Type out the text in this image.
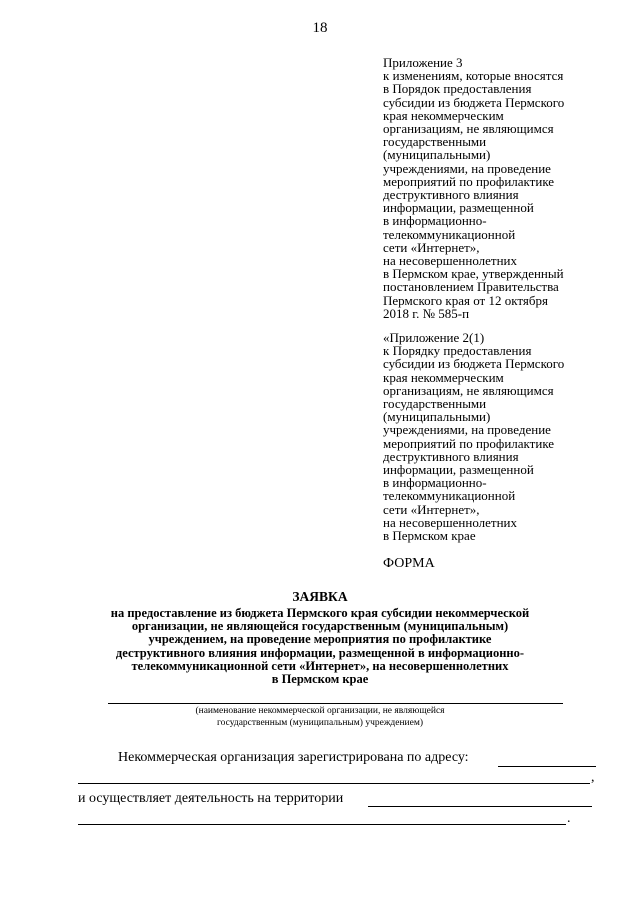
18
Приложение 3
к изменениям, которые вносятся
в Порядок предоставления
субсидии из бюджета Пермского
края некоммерческим
организациям, не являющимся
государственными
(муниципальными)
учреждениями, на проведение
мероприятий по профилактике
деструктивного влияния
информации, размещенной
в информационно-
телекоммуникационной
сети «Интернет»,
на несовершеннолетних
в Пермском крае, утвержденный
постановлением Правительства
Пермского края от 12 октября
2018 г. № 585-п
«Приложение 2(1)
к Порядку предоставления
субсидии из бюджета Пермского
края некоммерческим
организациям, не являющимся
государственными
(муниципальными)
учреждениями, на проведение
мероприятий по профилактике
деструктивного влияния
информации, размещенной
в информационно-
телекоммуникационной
сети «Интернет»,
на несовершеннолетних
в Пермском крае
ФОРМА
ЗАЯВКА
на предоставление из бюджета Пермского края субсидии некоммерческой
организации, не являющейся государственным (муниципальным)
учреждением, на проведение мероприятия по профилактике
деструктивного влияния информации, размещенной в информационно-
телекоммуникационной сети «Интернет», на несовершеннолетних
в Пермском крае
(наименование некоммерческой организации, не являющейся
государственным (муниципальным) учреждением)
Некоммерческая организация зарегистрирована по адресу:
,
и осуществляет деятельность на территории
.
